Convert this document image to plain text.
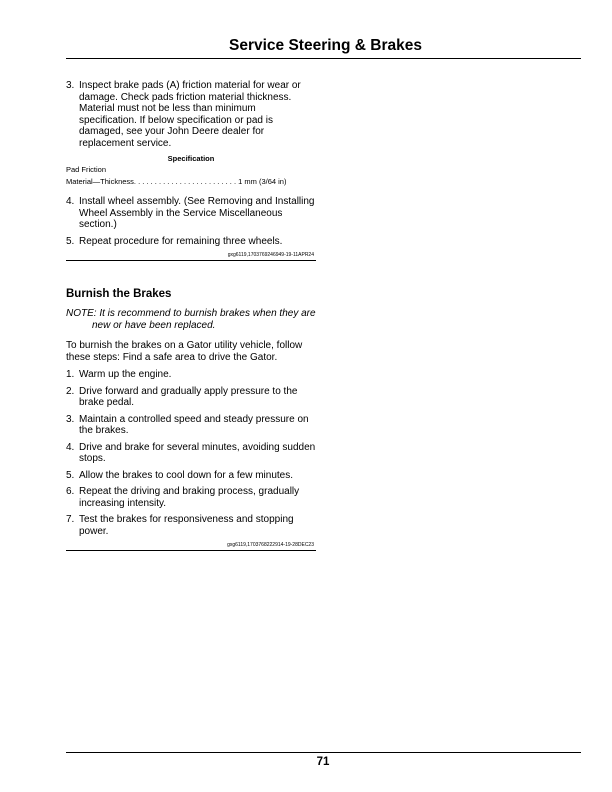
Service Steering & Brakes
3. Inspect brake pads (A) friction material for wear or damage. Check pads friction material thickness. Material must not be less than minimum specification. If below specification or pad is damaged, see your John Deere dealer for replacement service.
Specification
Pad Friction
Material—Thickness. . . . . . . . . . . . . . . . . . . . . . . . . 1 mm (3/64 in)
4. Install wheel assembly. (See Removing and Installing Wheel Assembly in the Service Miscellaneous section.)
5. Repeat procedure for remaining three wheels.
gxg6119,1703769246949-19-11APR24
Burnish the Brakes
NOTE: It is recommend to burnish brakes when they are new or have been replaced.
To burnish the brakes on a Gator utility vehicle, follow these steps: Find a safe area to drive the Gator.
1. Warm up the engine.
2. Drive forward and gradually apply pressure to the brake pedal.
3. Maintain a controlled speed and steady pressure on the brakes.
4. Drive and brake for several minutes, avoiding sudden stops.
5. Allow the brakes to cool down for a few minutes.
6. Repeat the driving and braking process, gradually increasing intensity.
7. Test the brakes for responsiveness and stopping power.
gxg6119,1703768222914-19-28DEC23
71
